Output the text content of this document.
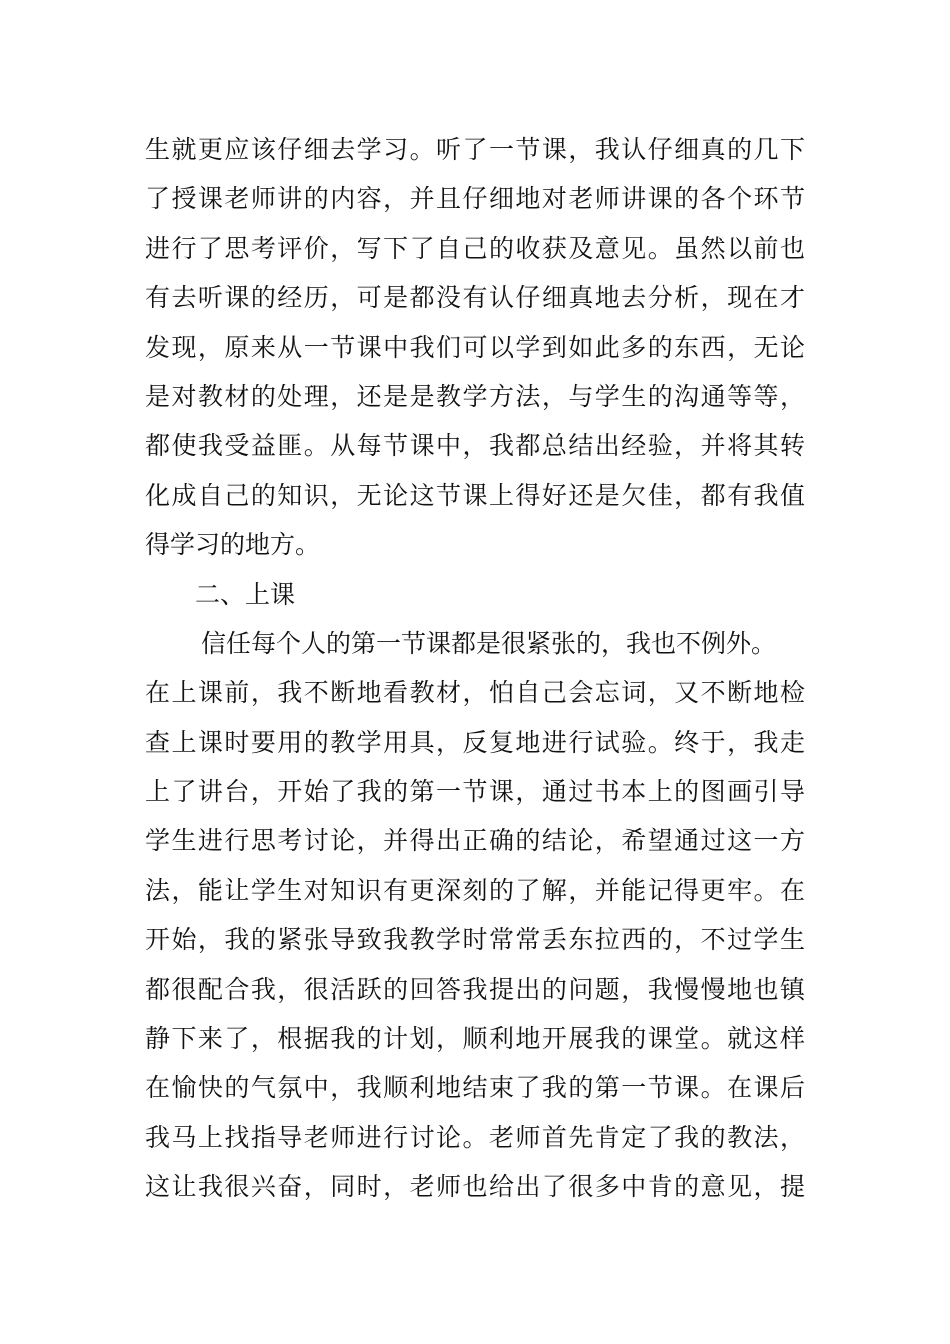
生就更应该仔细去学习。听了一节课，我认仔细真的几下
了授课老师讲的内容，并且仔细地对老师讲课的各个环节
进行了思考评价，写下了自己的收获及意见。虽然以前也
有去听课的经历，可是都没有认仔细真地去分析，现在才
发现，原来从一节课中我们可以学到如此多的东西，无论
是对教材的处理，还是是教学方法，与学生的沟通等等，
都使我受益匪。从每节课中，我都总结出经验，并将其转
化成自己的知识，无论这节课上得好还是欠佳，都有我值
得学习的地方。
二、上课
信任每个人的第一节课都是很紧张的，我也不例外。
在上课前，我不断地看教材，怕自己会忘词，又不断地检
查上课时要用的教学用具，反复地进行试验。终于，我走
上了讲台，开始了我的第一节课，通过书本上的图画引导
学生进行思考讨论，并得出正确的结论，希望通过这一方
法，能让学生对知识有更深刻的了解，并能记得更牢。在
开始，我的紧张导致我教学时常常丢东拉西的，不过学生
都很配合我，很活跃的回答我提出的问题，我慢慢地也镇
静下来了，根据我的计划，顺利地开展我的课堂。就这样
在愉快的气氛中，我顺利地结束了我的第一节课。在课后
我马上找指导老师进行讨论。老师首先肯定了我的教法，
这让我很兴奋，同时，老师也给出了很多中肯的意见，提
